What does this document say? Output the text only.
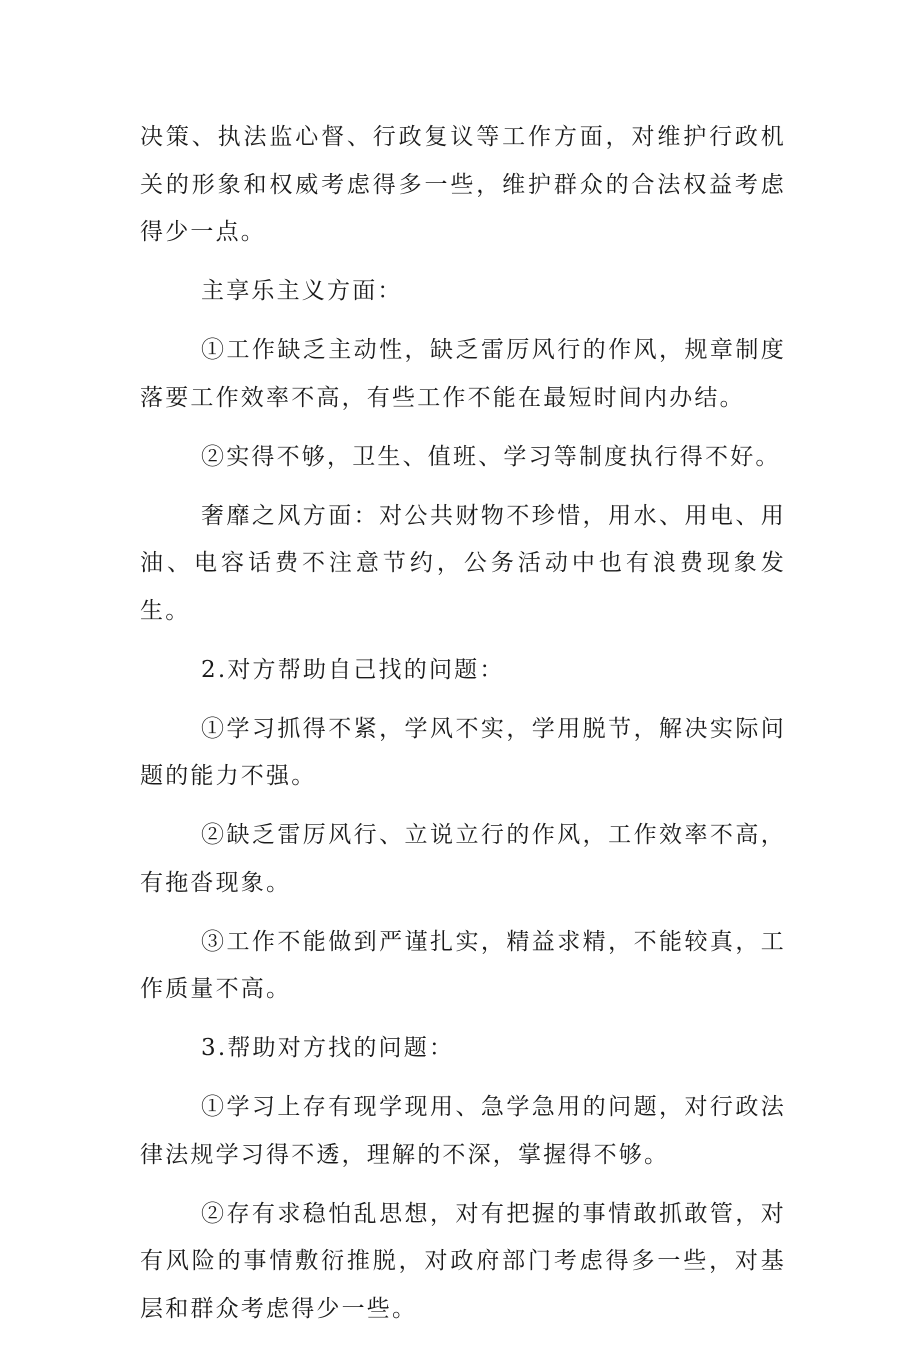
决策、执法监心督、行政复议等工作方面，对维护行政机关的形象和权威考虑得多一些，维护群众的合法权益考虑得少一点。

主享乐主义方面：

①工作缺乏主动性，缺乏雷厉风行的作风，规章制度落要工作效率不高，有些工作不能在最短时间内办结。

②实得不够，卫生、值班、学习等制度执行得不好。

奢靡之风方面：对公共财物不珍惜，用水、用电、用油、电容话费不注意节约，公务活动中也有浪费现象发生。

2.对方帮助自己找的问题：

①学习抓得不紧，学风不实，学用脱节，解决实际问题的能力不强。

②缺乏雷厉风行、立说立行的作风，工作效率不高，有拖沓现象。

③工作不能做到严谨扎实，精益求精，不能较真，工作质量不高。

3.帮助对方找的问题：

①学习上存有现学现用、急学急用的问题，对行政法律法规学习得不透，理解的不深，掌握得不够。

②存有求稳怕乱思想，对有把握的事情敢抓敢管，对有风险的事情敷衍推脱，对政府部门考虑得多一些，对基层和群众考虑得少一些。
